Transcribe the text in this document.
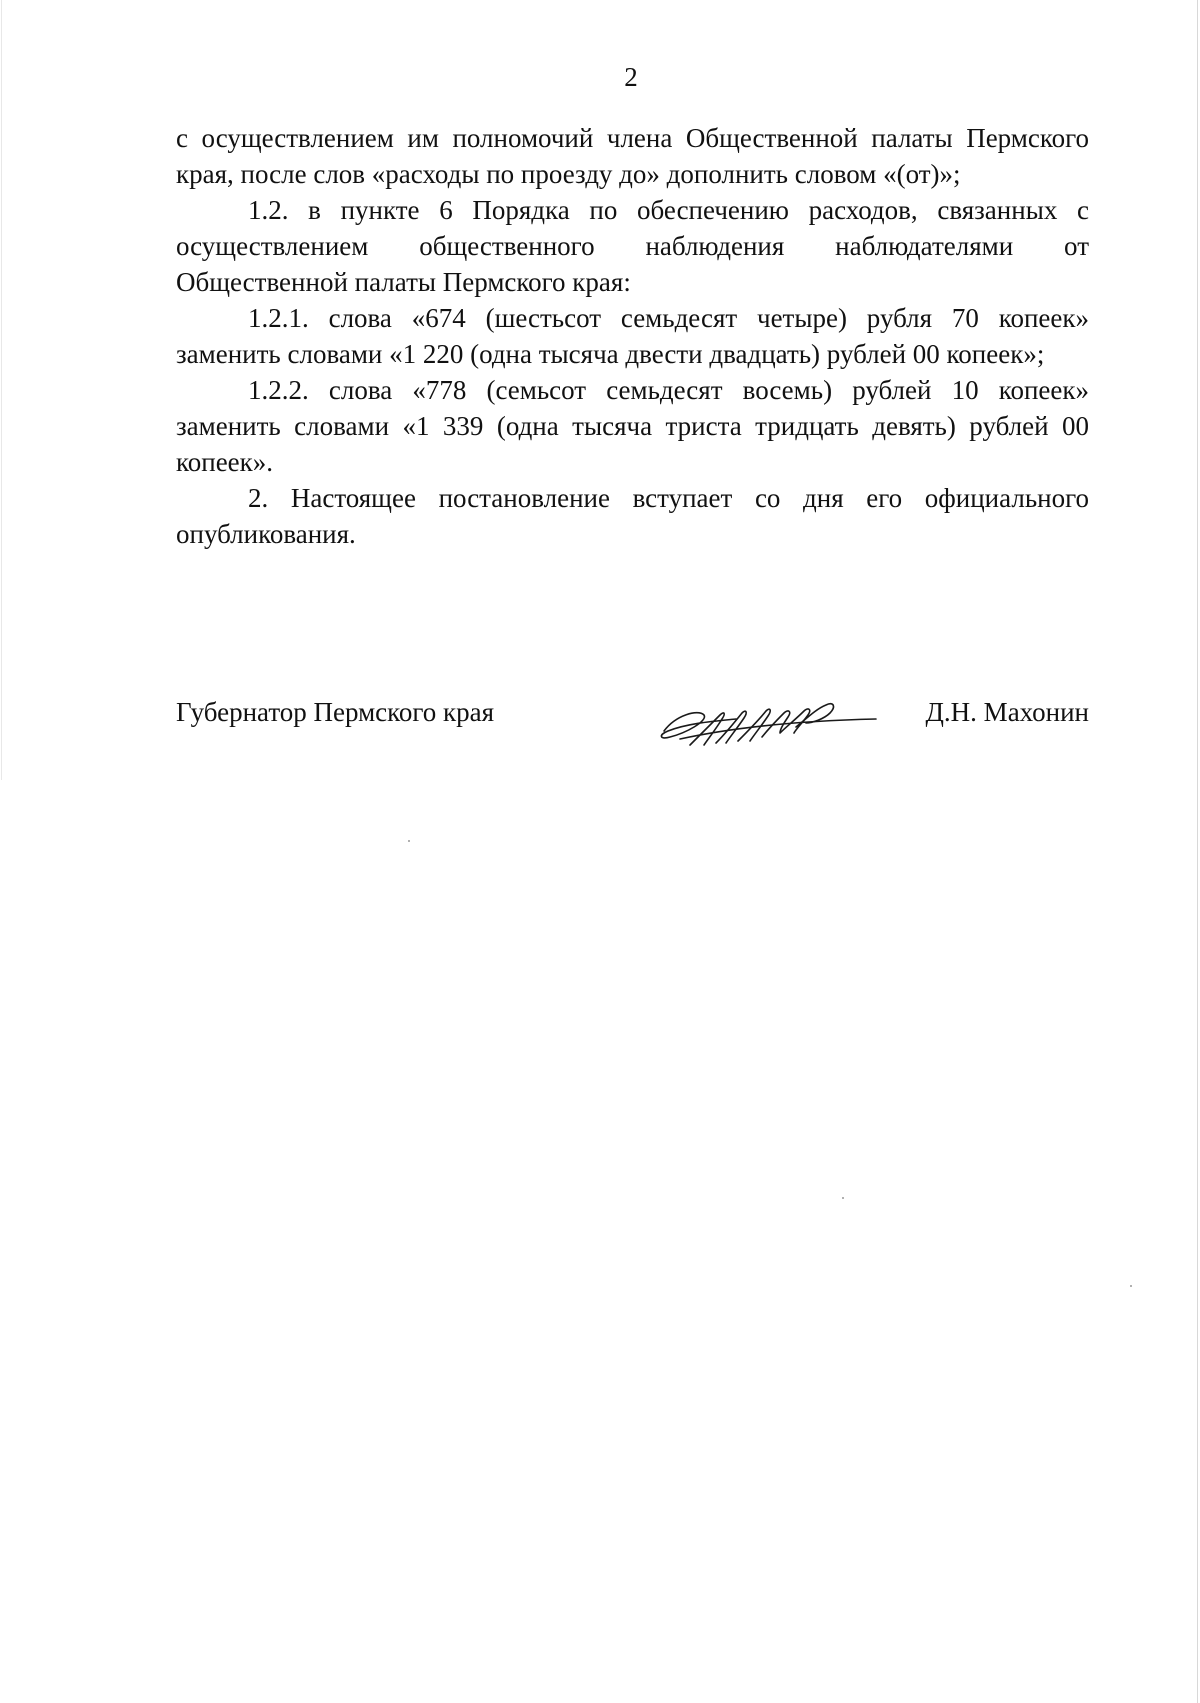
2

с осуществлением им полномочий члена Общественной палаты Пермского края, после слов «расходы по проезду до» дополнить словом «(от)»;

1.2. в пункте 6 Порядка по обеспечению расходов, связанных с осуществлением общественного наблюдения наблюдателями от Общественной палаты Пермского края:

1.2.1. слова «674 (шестьсот семьдесят четыре) рубля 70 копеек» заменить словами «1 220 (одна тысяча двести двадцать) рублей 00 копеек»;

1.2.2. слова «778 (семьсот семьдесят восемь) рублей 10 копеек» заменить словами «1 339 (одна тысяча триста тридцать девять) рублей 00 копеек».

2. Настоящее постановление вступает со дня его официального опубликования.

Губернатор Пермского края	Д.Н. Махонин
